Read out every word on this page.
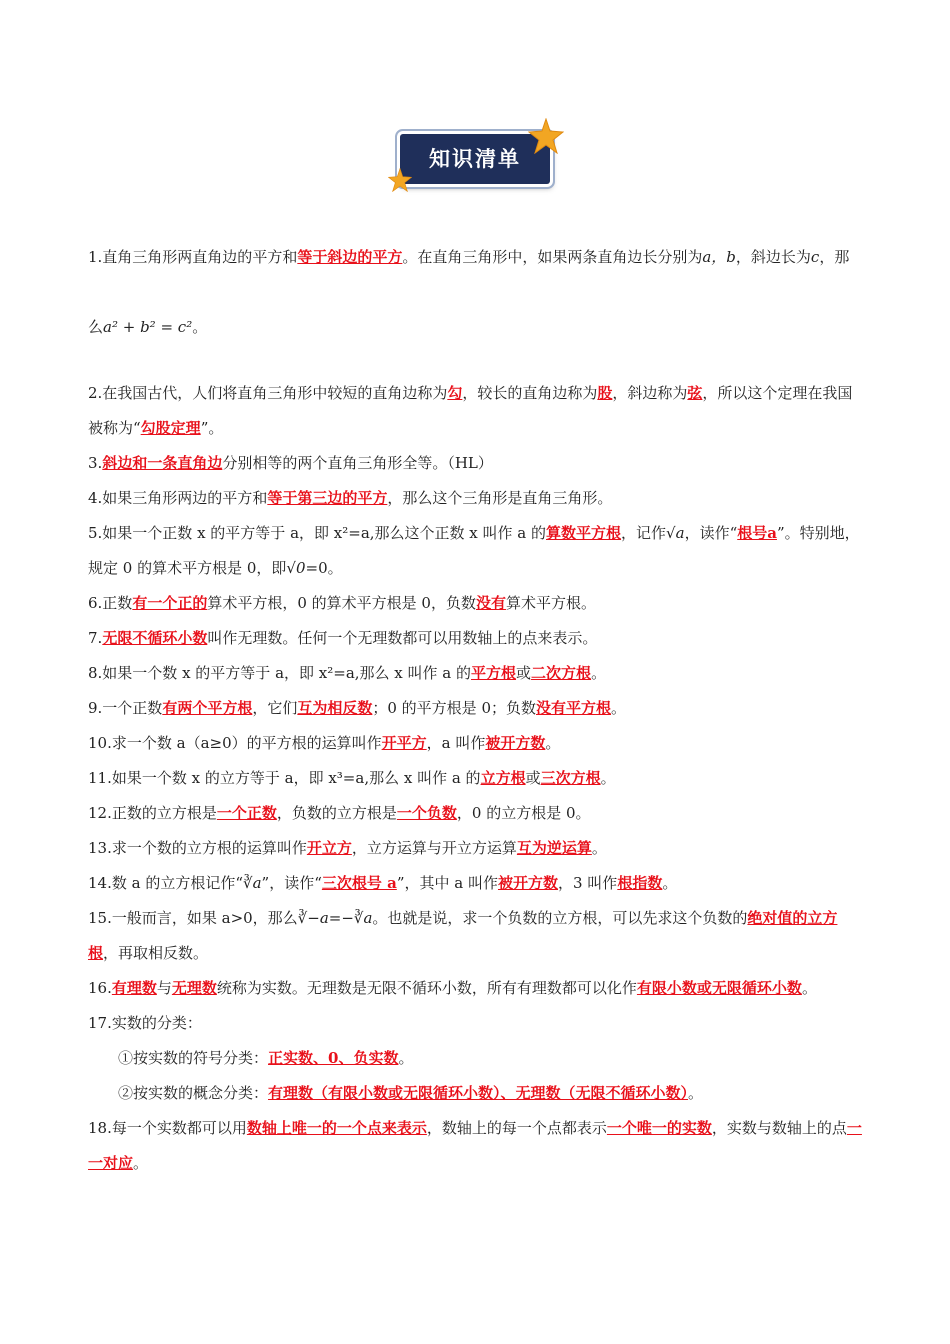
知识清单

1.直角三角形两直角边的平方和等于斜边的平方。在直角三角形中，如果两条直角边长分别为a，b，斜边长为c，那么a² + b² = c²。

2.在我国古代，人们将直角三角形中较短的直角边称为勾，较长的直角边称为股，斜边称为弦，所以这个定理在我国被称为“勾股定理”。

3.斜边和一条直角边分别相等的两个直角三角形全等。（HL）

4.如果三角形两边的平方和等于第三边的平方，那么这个三角形是直角三角形。

5.如果一个正数 x 的平方等于 a，即 x²=a,那么这个正数 x 叫作 a 的算数平方根，记作√a，读作“根号a”。特别地，规定 0 的算术平方根是 0，即√0=0。

6.正数有一个正的算术平方根，0 的算术平方根是 0，负数没有算术平方根。

7.无限不循环小数叫作无理数。任何一个无理数都可以用数轴上的点来表示。

8.如果一个数 x 的平方等于 a，即 x²=a,那么 x 叫作 a 的平方根或二次方根。

9.一个正数有两个平方根，它们互为相反数；0 的平方根是 0；负数没有平方根。

10.求一个数 a（a≥0）的平方根的运算叫作开平方，a 叫作被开方数。

11.如果一个数 x 的立方等于 a，即 x³=a,那么 x 叫作 a 的立方根或三次方根。

12.正数的立方根是一个正数，负数的立方根是一个负数，0 的立方根是 0。

13.求一个数的立方根的运算叫作开立方，立方运算与开立方运算互为逆运算。

14.数 a 的立方根记作“∛a”，读作“三次根号 a”，其中 a 叫作被开方数，3 叫作根指数。

15.一般而言，如果 a>0，那么∛−a=−∛a。也就是说，求一个负数的立方根，可以先求这个负数的绝对值的立方根，再取相反数。

16.有理数与无理数统称为实数。无理数是无限不循环小数，所有有理数都可以化作有限小数或无限循环小数。

17.实数的分类：

①按实数的符号分类：正实数、0、负实数。

②按实数的概念分类：有理数（有限小数或无限循环小数）、无理数（无限不循环小数）。

18.每一个实数都可以用数轴上唯一的一个点来表示，数轴上的每一个点都表示一个唯一的实数，实数与数轴上的点一一对应。
